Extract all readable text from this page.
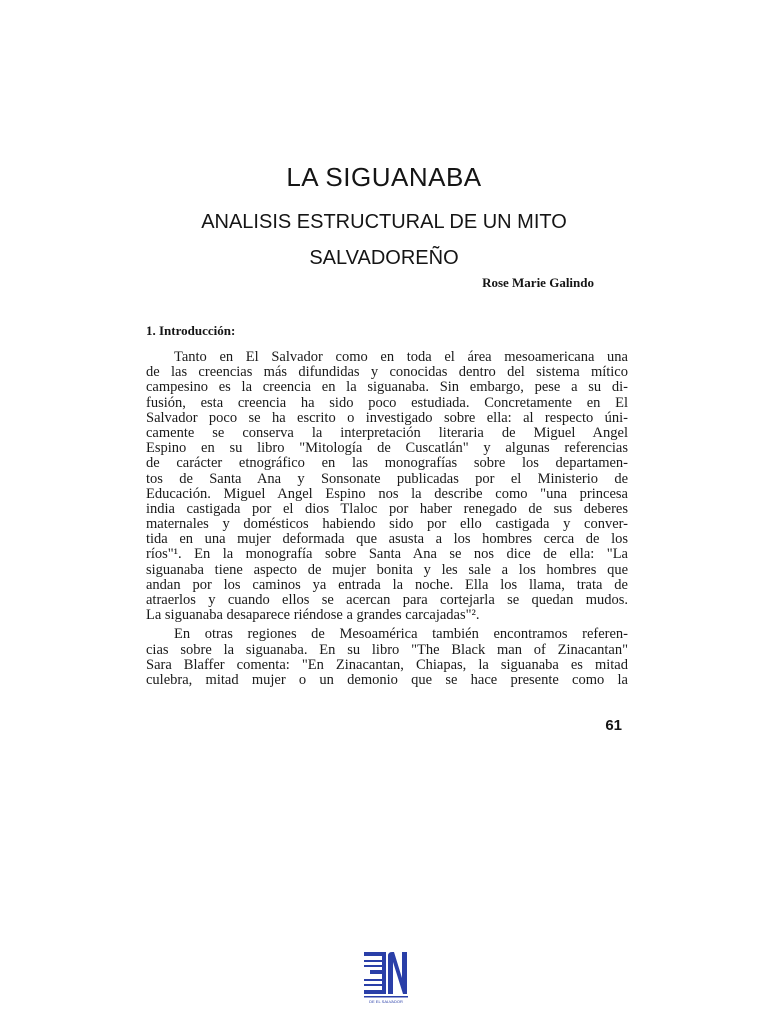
LA SIGUANABA
ANALISIS ESTRUCTURAL DE UN MITO
SALVADOREÑO
Rose Marie Galindo
1. Introducción:
Tanto en El Salvador como en toda el área mesoamericana una
de las creencias más difundidas y conocidas dentro del sistema mítico
campesino es la creencia en la siguanaba. Sin embargo, pese a su di-
fusión, esta creencia ha sido poco estudiada. Concretamente en El
Salvador poco se ha escrito o investigado sobre ella: al respecto úni-
camente se conserva la interpretación literaria de Miguel Angel
Espino en su libro "Mitología de Cuscatlán" y algunas referencias
de carácter etnográfico en las monografías sobre los departamen-
tos de Santa Ana y Sonsonate publicadas por el Ministerio de
Educación. Miguel Angel Espino nos la describe como "una princesa
india castigada por el dios Tlaloc por haber renegado de sus deberes
maternales y domésticos habiendo sido por ello castigada y conver-
tida en una mujer deformada que asusta a los hombres cerca de los
ríos"¹. En la monografía sobre Santa Ana se nos dice de ella: "La
siguanaba tiene aspecto de mujer bonita y les sale a los hombres que
andan por los caminos ya entrada la noche. Ella los llama, trata de
atraerlos y cuando ellos se acercan para cortejarla se quedan mudos.
La siguanaba desaparece riéndose a grandes carcajadas"².
En otras regiones de Mesoamérica también encontramos referen-
cias sobre la siguanaba. En su libro "The Black man of Zinacantan"
Sara Blaffer comenta: "En Zinacantan, Chiapas, la siguanaba es mitad
culebra, mitad mujer o un demonio que se hace presente como la
61
DE EL SALVADOR
